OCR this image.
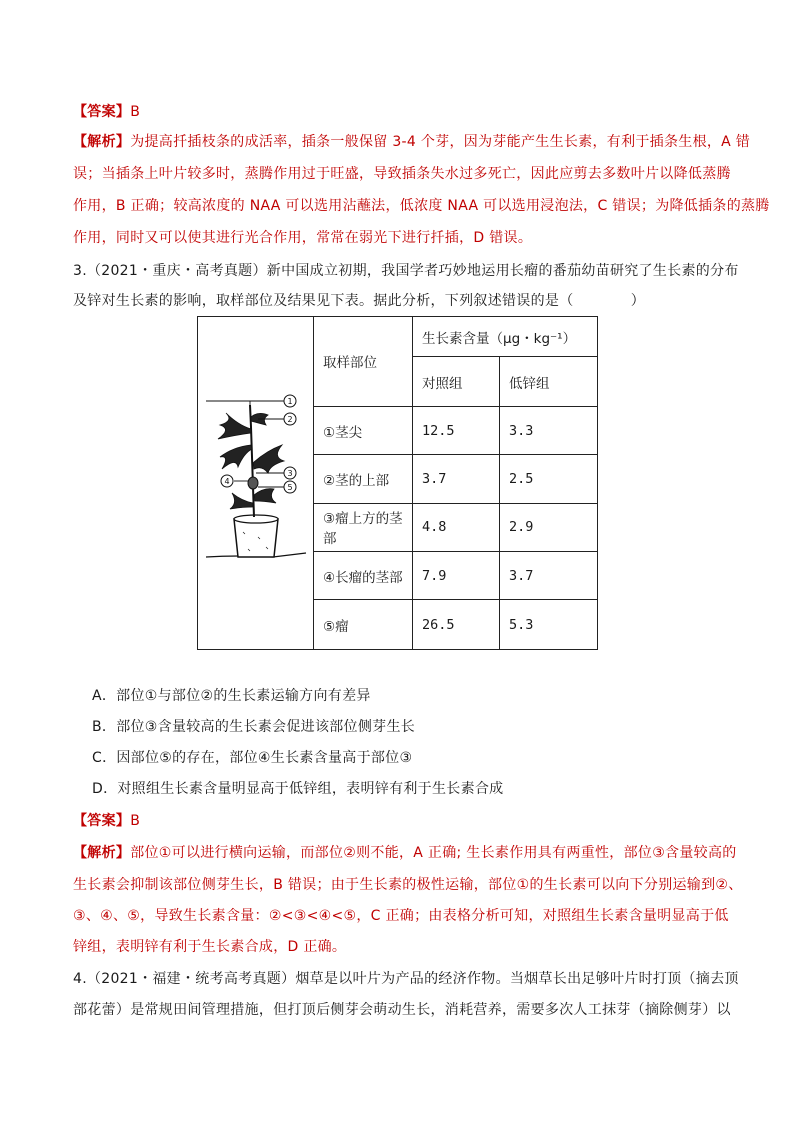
【答案】B
【解析】为提高扦插枝条的成活率，插条一般保留 3-4 个芽，因为芽能产生生长素，有利于插条生根，A 错
误；当插条上叶片较多时，蒸腾作用过于旺盛，导致插条失水过多死亡，因此应剪去多数叶片以降低蒸腾
作用，B 正确；较高浓度的 NAA 可以选用沾蘸法，低浓度 NAA 可以选用浸泡法，C 错误；为降低插条的蒸腾
作用，同时又可以使其进行光合作用，常常在弱光下进行扦插，D 错误。
3.（2021・重庆・高考真题）新中国成立初期，我国学者巧妙地运用长瘤的番茄幼苗研究了生长素的分布
及锌对生长素的影响，取样部位及结果见下表。据此分析，下列叙述错误的是（　　　　）
1
2
3
5
4	取样部位	生长素含量（μg・kg⁻¹）	
		对照组	低锌组
	①茎尖	12.5	3.3
	②茎的上部	3.7	2.5
	③瘤上方的茎部	4.8	2.9
	④长瘤的茎部	7.9	3.7
	⑤瘤	26.5	5.3
A．部位①与部位②的生长素运输方向有差异
B．部位③含量较高的生长素会促进该部位侧芽生长
C．因部位⑤的存在，部位④生长素含量高于部位③
D．对照组生长素含量明显高于低锌组，表明锌有利于生长素合成
【答案】B
【解析】部位①可以进行横向运输，而部位②则不能，A 正确; 生长素作用具有两重性，部位③含量较高的
生长素会抑制该部位侧芽生长，B 错误；由于生长素的极性运输，部位①的生长素可以向下分别运输到②、
③、④、⑤，导致生长素含量：②<③<④<⑤，C 正确；由表格分析可知，对照组生长素含量明显高于低
锌组，表明锌有利于生长素合成，D 正确。
4.（2021・福建・统考高考真题）烟草是以叶片为产品的经济作物。当烟草长出足够叶片时打顶（摘去顶
部花蕾）是常规田间管理措施，但打顶后侧芽会萌动生长，消耗营养，需要多次人工抹芽（摘除侧芽）以
